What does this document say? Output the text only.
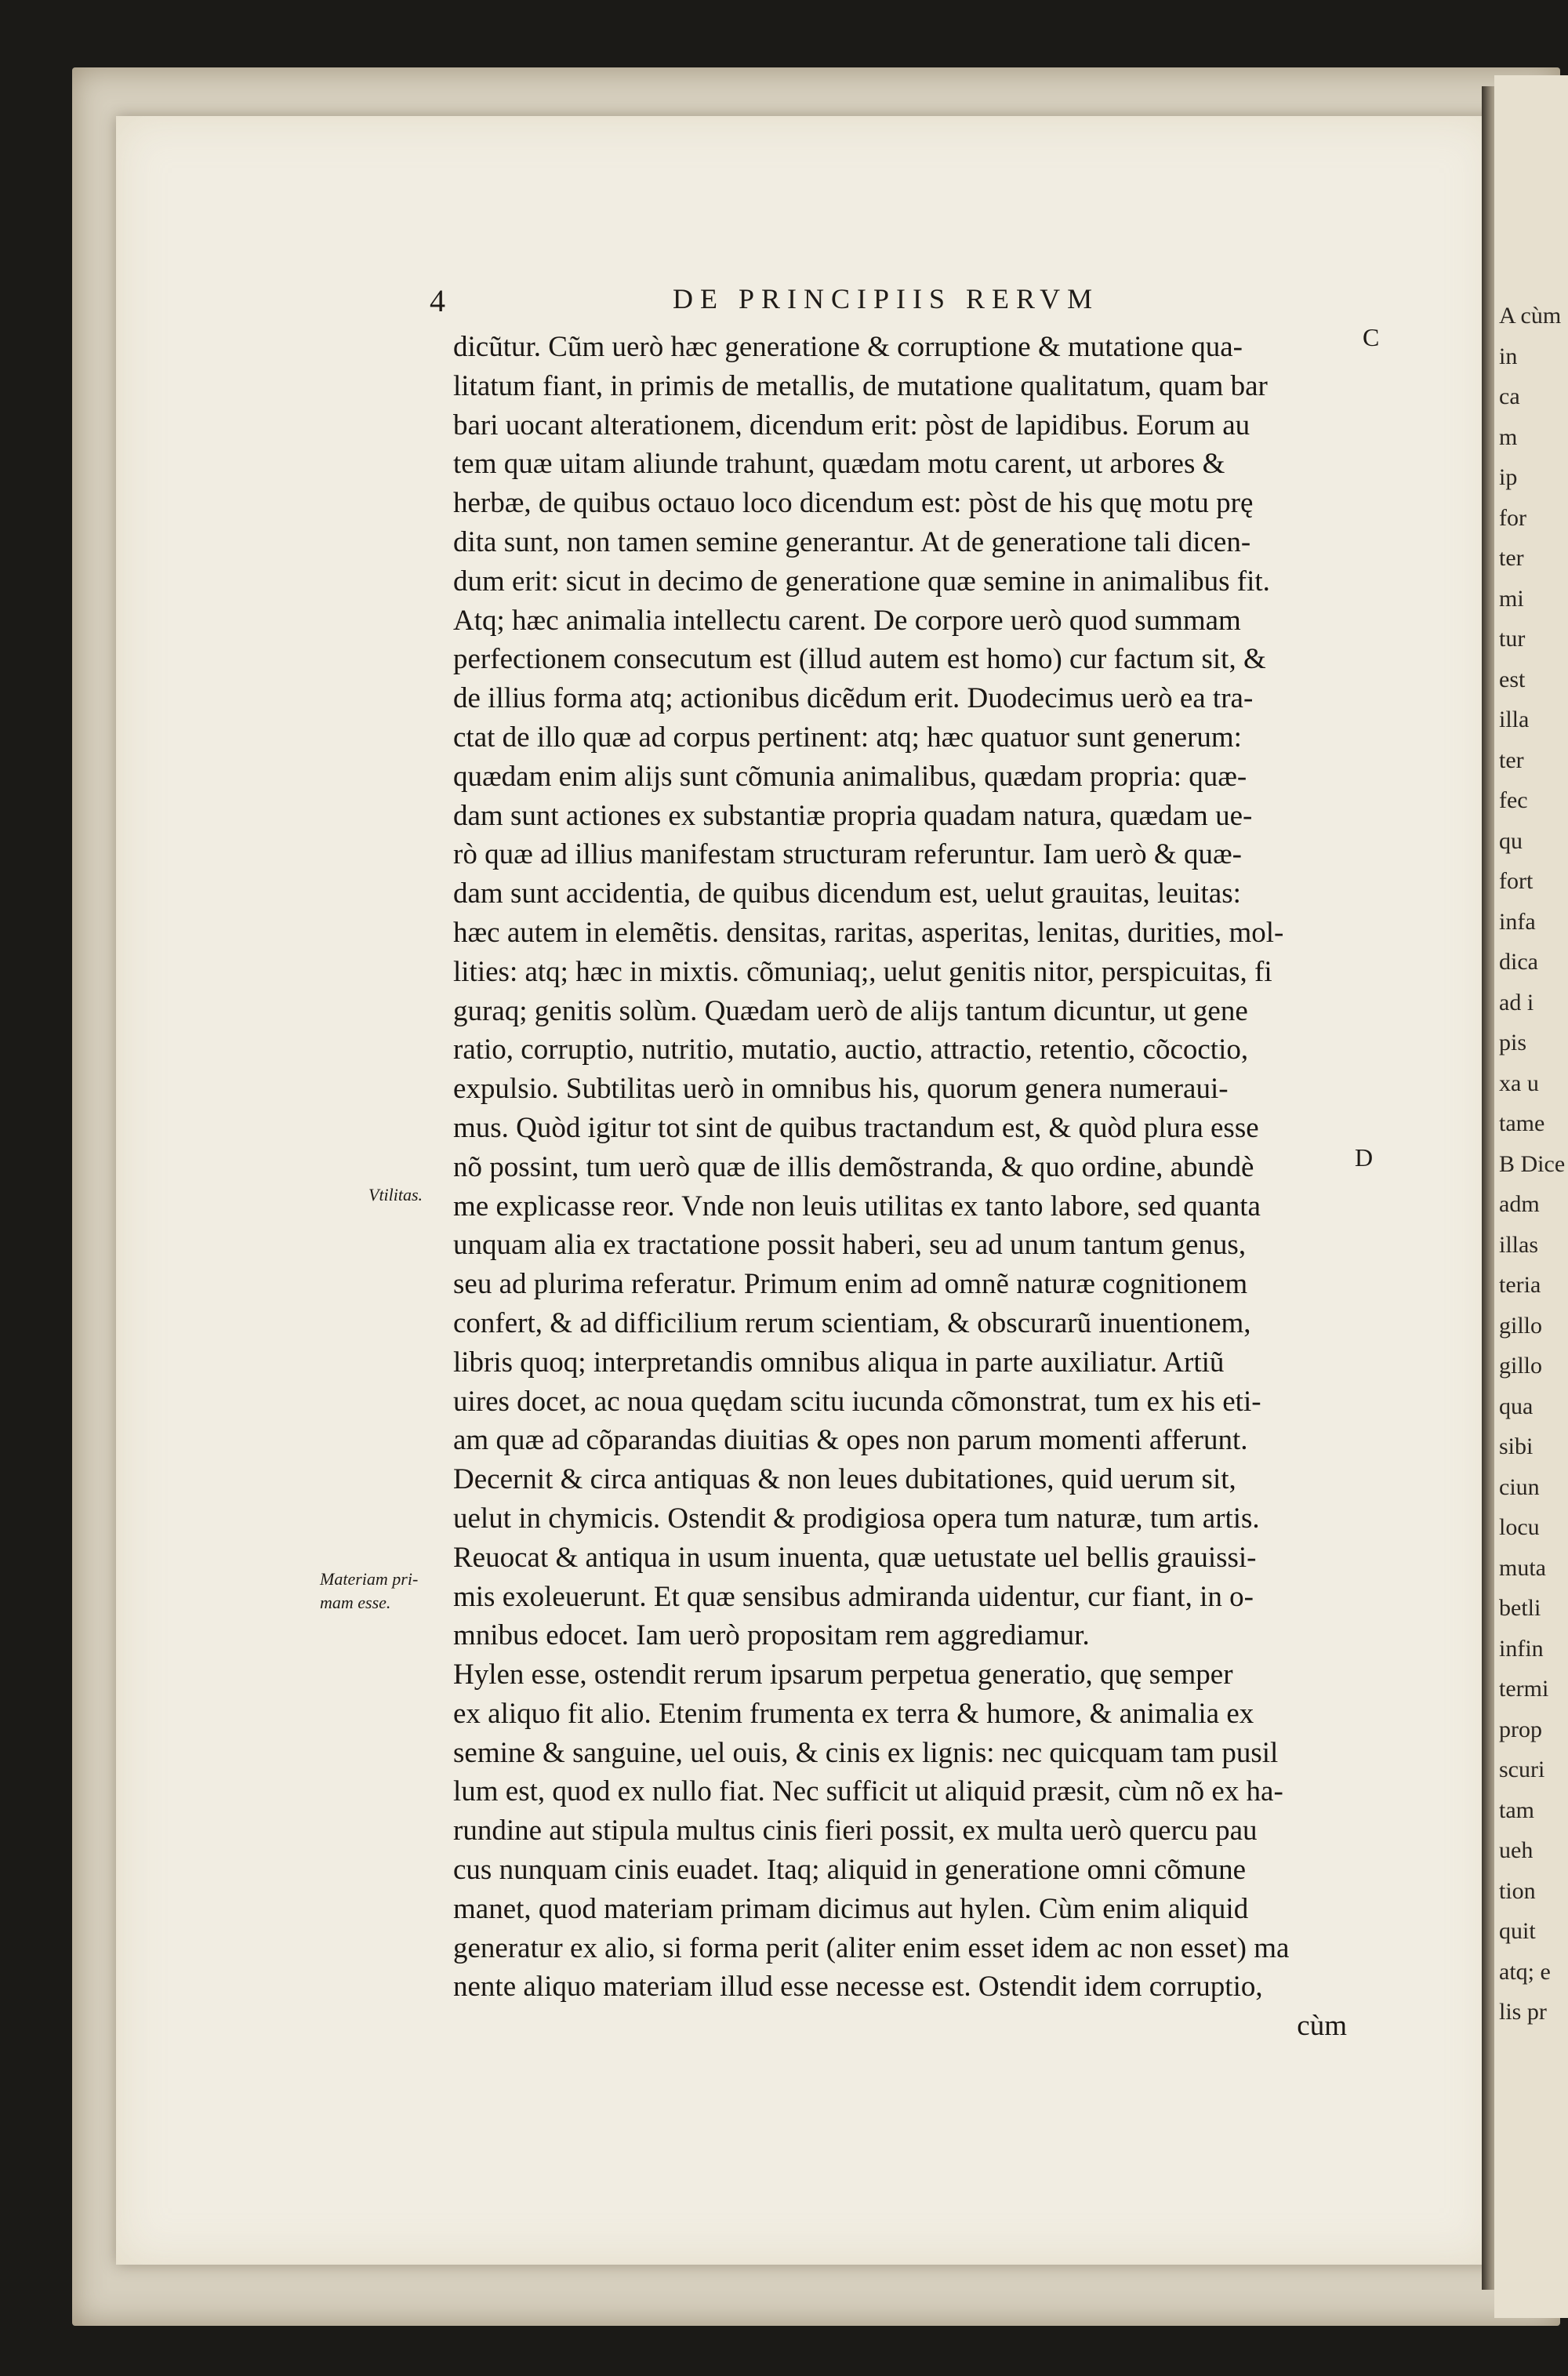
A cùm
in
ca
m
ip
for
ter
mi
tur
est
illa
ter
fec
qu
fort
infa
dica
ad i
pis
xa u
tame
B Dice
adm
illas
teria
gillo
gillo
qua
sibi
ciun
locu
muta
betli
infin
termi
prop
scuri
tam
ueh
tion
quit
atq; e
lis pr
4	DE PRINCIPIIS RERVM
C
D
Vtilitas.
Materiam pri-
mam esse.
dicũtur. Cũm uerò hæc generatione & corruptione & mutatione qua-
litatum fiant, in primis de metallis, de mutatione qualitatum, quam bar
bari uocant alterationem, dicendum erit: pòst de lapidibus. Eorum au
tem quæ uitam aliunde trahunt, quædam motu carent, ut arbores &
herbæ, de quibus octauo loco dicendum est: pòst de his quę motu prę
dita sunt, non tamen semine generantur. At de generatione tali dicen-
dum erit: sicut in decimo de generatione quæ semine in animalibus fit.
Atq; hæc animalia intellectu carent. De corpore uerò quod summam
perfectionem consecutum est (illud autem est homo) cur factum sit, &
de illius forma atq; actionibus dicẽdum erit. Duodecimus uerò ea tra-
ctat de illo quæ ad corpus pertinent: atq; hæc quatuor sunt generum:
quædam enim alijs sunt cõmunia animalibus, quædam propria: quæ-
dam sunt actiones ex substantiæ propria quadam natura, quædam ue-
rò quæ ad illius manifestam structuram referuntur. Iam uerò & quæ-
dam sunt accidentia, de quibus dicendum est, uelut grauitas, leuitas:
hæc autem in elemẽtis. densitas, raritas, asperitas, lenitas, durities, mol-
lities: atq; hæc in mixtis. cõmuniaq;, uelut genitis nitor, perspicuitas, fi
guraq; genitis solùm. Quædam uerò de alijs tantum dicuntur, ut gene
ratio, corruptio, nutritio, mutatio, auctio, attractio, retentio, cõcoctio,
expulsio. Subtilitas uerò in omnibus his, quorum genera numeraui-
mus. Quòd igitur tot sint de quibus tractandum est, & quòd plura esse
nõ possint, tum uerò quæ de illis demõstranda, & quo ordine, abundè
me explicasse reor. Vnde non leuis utilitas ex tanto labore, sed quanta
unquam alia ex tractatione possit haberi, seu ad unum tantum genus,
seu ad plurima referatur. Primum enim ad omnẽ naturæ cognitionem
confert, & ad difficilium rerum scientiam, & obscurarũ inuentionem,
libris quoq; interpretandis omnibus aliqua in parte auxiliatur. Artiũ
uires docet, ac noua quędam scitu iucunda cõmonstrat, tum ex his eti-
am quæ ad cõparandas diuitias & opes non parum momenti afferunt.
Decernit & circa antiquas & non leues dubitationes, quid uerum sit,
uelut in chymicis. Ostendit & prodigiosa opera tum naturæ, tum artis.
Reuocat & antiqua in usum inuenta, quæ uetustate uel bellis grauissi-
mis exoleuerunt. Et quæ sensibus admiranda uidentur, cur fiant, in o-
mnibus edocet. Iam uerò propositam rem aggrediamur.
Hylen esse, ostendit rerum ipsarum perpetua generatio, quę semper
ex aliquo fit alio. Etenim frumenta ex terra & humore, & animalia ex
semine & sanguine, uel ouis, & cinis ex lignis: nec quicquam tam pusil
lum est, quod ex nullo fiat. Nec sufficit ut aliquid præsit, cùm nõ ex ha-
rundine aut stipula multus cinis fieri possit, ex multa uerò quercu pau
cus nunquam cinis euadet. Itaq; aliquid in generatione omni cõmune
manet, quod materiam primam dicimus aut hylen. Cùm enim aliquid
generatur ex alio, si forma perit (aliter enim esset idem ac non esset) ma
nente aliquo materiam illud esse necesse est. Ostendit idem corruptio,
cùm
